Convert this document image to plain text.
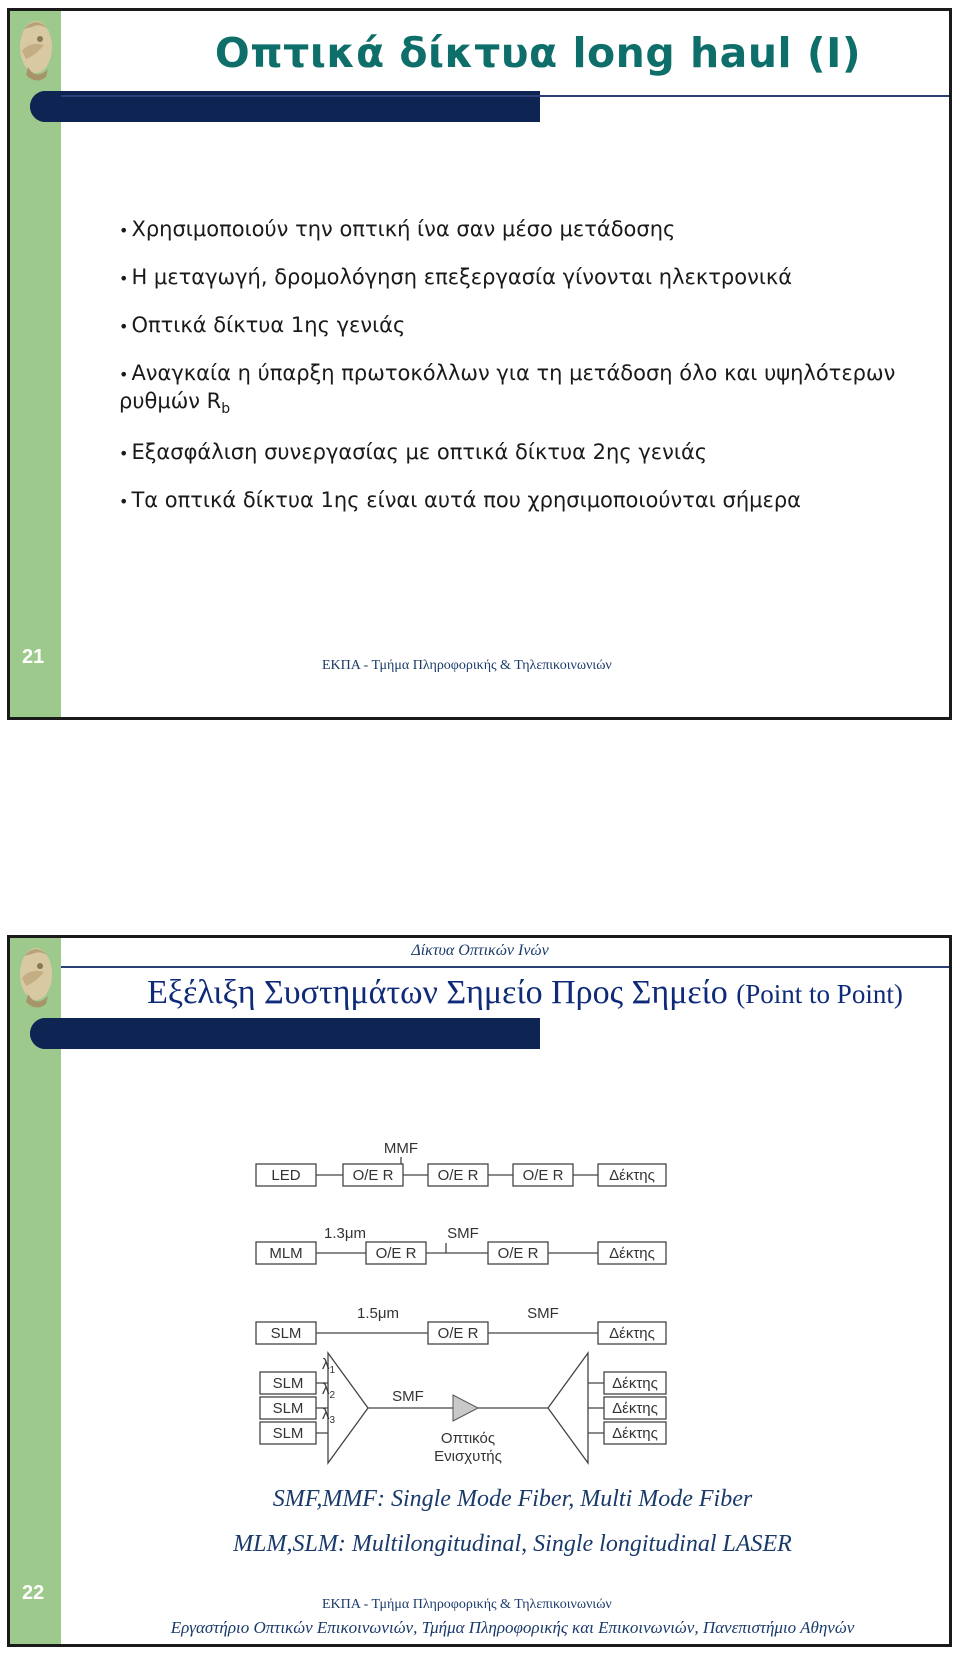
Οπτικά δίκτυα long haul (I)
• Χρησιμοποιούν την οπτική ίνα σαν μέσο μετάδοσης
• Η μεταγωγή, δρομολόγηση επεξεργασία γίνονται ηλεκτρονικά
• Οπτικά δίκτυα 1ης γενιάς
• Αναγκαία η ύπαρξη πρωτοκόλλων για τη μετάδοση όλο και υψηλότερων ρυθμών $R_b$
• Εξασφάλιση συνεργασίας με οπτικά δίκτυα 2ης γενιάς
• Τα οπτικά δίκτυα 1ης είναι αυτά που χρησιμοποιούνται σήμερα
21	ΕΚΠΑ - Τμήμα Πληροφορικής & Τηλεπικοινωνιών
Δίκτυα Οπτικών Ινών
Εξέλιξη Συστημάτων Σημείο Προς Σημείο (Point to Point)
MMF
LED	O/E R	O/E R	O/E R	Δέκτης
1.3μm	SMF
MLM	O/E R	O/E R	Δέκτης
1.5μm	SMF
SLM	O/E R	Δέκτης
SLM
SLM
SLM
$\lambda_1$
$\lambda_2$
$\lambda_3$
SMF
Οπτικός
Ενισχυτής
Δέκτης
Δέκτης
Δέκτης
SMF,MMF: Single Mode Fiber, Multi Mode Fiber
MLM,SLM: Multilongitudinal, Single longitudinal LASER
22
ΕΚΠΑ - Τμήμα Πληροφορικής & Τηλεπικοινωνιών
Εργαστήριο Οπτικών Επικοινωνιών, Τμήμα Πληροφορικής και Επικοινωνιών, Πανεπιστήμιο Αθηνών
